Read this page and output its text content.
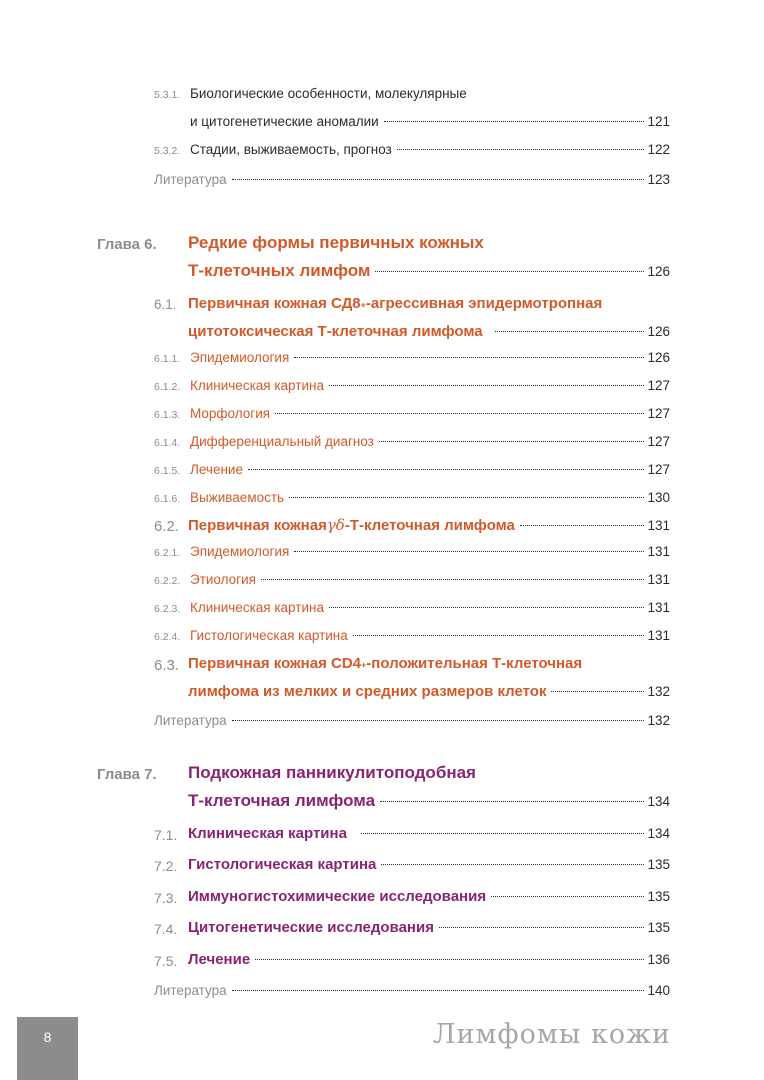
5.3.1. Биологические особенности, молекулярные
и цитогенетические аномалии	121
5.3.2. Стадии, выживаемость, прогноз	122
Литература	123
Глава 6. Редкие формы первичных кожных
Т-клеточных лимфом	126
6.1. Первичная кожная СД8 + -агрессивная эпидермотропная
цитотоксическая Т-клеточная лимфома	126
6.1.1. Эпидемиология	126
6.1.2. Клиническая картина	127
6.1.3. Морфология	127
6.1.4. Дифференциальный диагноз	127
6.1.5. Лечение	127
6.1.6. Выживаемость	130
6.2. Первичная кожная γδ -Т-клеточная лимфома	131
6.2.1. Эпидемиология	131
6.2.2. Этиология	131
6.2.3. Клиническая картина	131
6.2.4. Гистологическая картина	131
6.3. Первичная кожная CD4 + -положительная Т-клеточная
лимфома из мелких и средних размеров клеток	132
Литература	132
Глава 7. Подкожная панникулитоподобная
Т-клеточная лимфома	134
7.1. Клиническая картина	134
7.2. Гистологическая картина	135
7.3. Иммуногистохимические исследования	135
7.4. Цитогенетические исследования	135
7.5. Лечение	136
Литература	140
8	Лимфомы кожи
